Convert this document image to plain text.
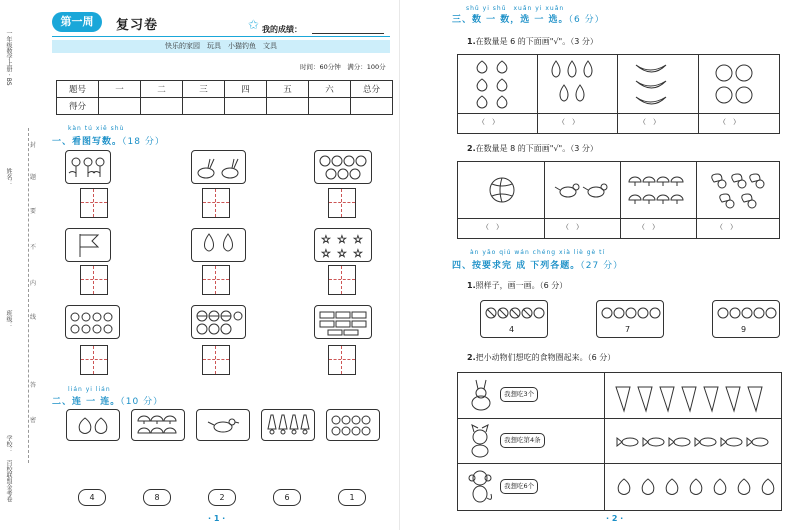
一年级数学上册 · BS
姓名：
班级：
学校：
百校联盟金考卷
封
题
要
不
内
线
答
密
第一周	复习卷	✩ 我的成绩：
快乐的家园　玩具　小猫钓鱼　文具
时间：60分钟　满分：100分
题号	一	二	三	四	五	六	总分
得分							
kàn tú xiě shù
一、看图写数。（18 分）
☆ ☆ ☆
☆ ☆ ☆
lián yi lián
二、连 一 连。（10 分）
4	8	2	6	1
· 1 ·
shǔ yi shǔ　xuǎn yi xuǎn
三、数 一 数，选 一 选。（6 分）
1.在数量是 6 的下面画"√"。（3 分）
（　）	（　）	（　）	（　）
2.在数量是 8 的下面画"√"。（3 分）
（　）	（　）	（　）	（　）
àn yāo qiú wán chéng xià liè gè tí
四、按要求完 成 下列各题。（27 分）
1.照样子，画一画。（6 分）
4	7	9
2.把小动物们想吃的食物圈起来。（6 分）
我想吃3个
我想吃第4条
我想吃6个
· 2 ·
